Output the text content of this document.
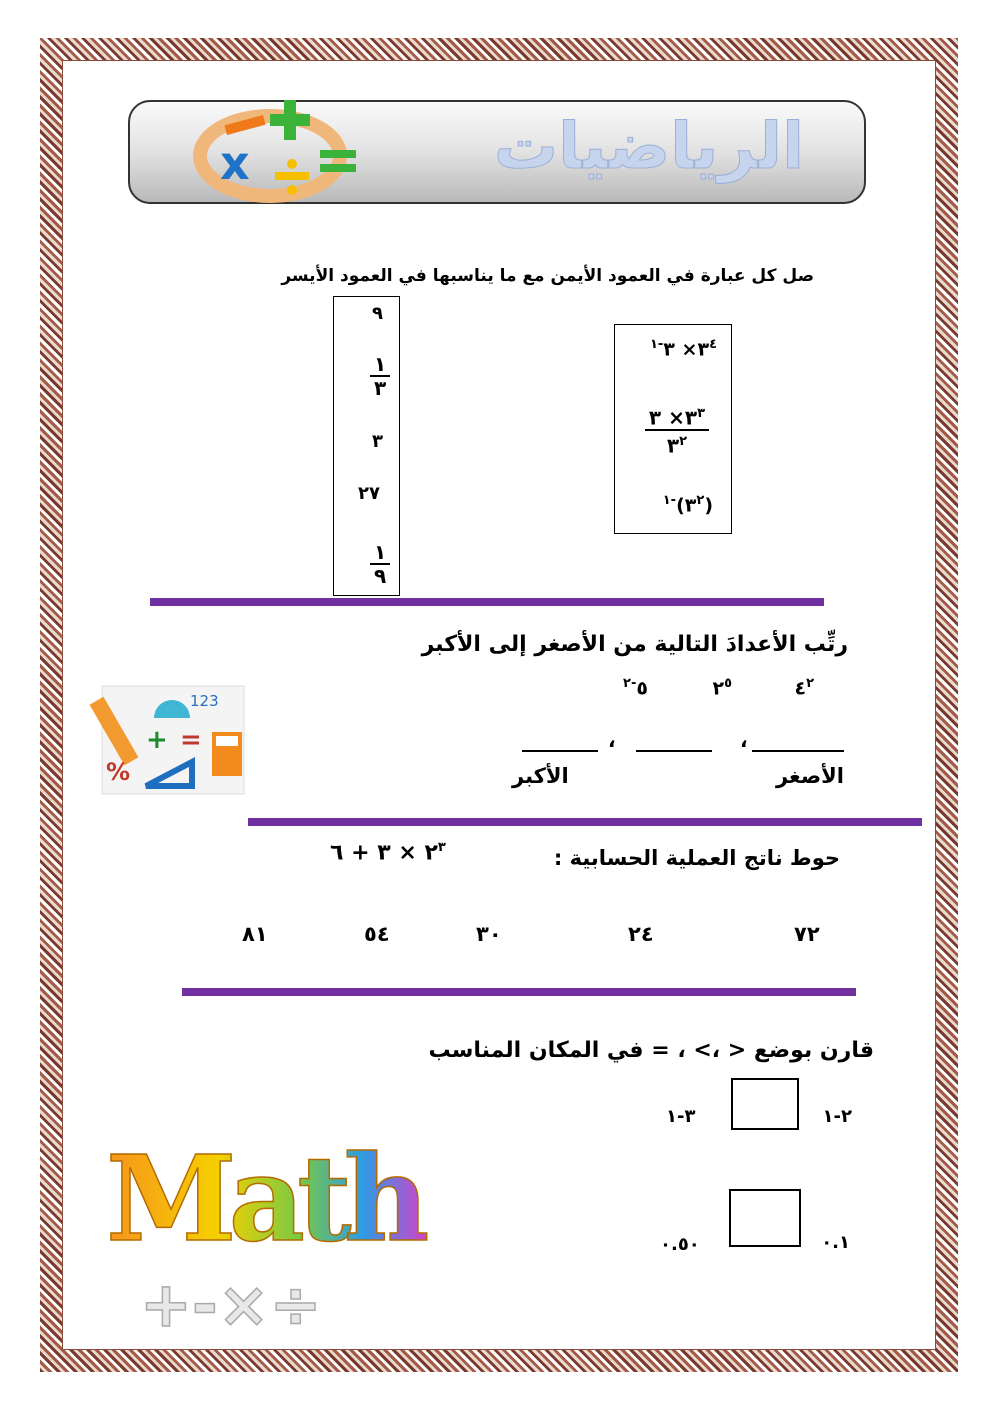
x	الرياضيات
صل كل عبارة في العمود الأيمن مع ما يناسبها في العمود الأيسر
٩
$\frac{١}{٣}$
٣
٢٧
$\frac{١}{٩}$
$٣^٤\times$ $٣^{-١}$
$\frac{٣^٣\times ٣}{٣^٢}$
$(٣^٢)^{-١}$
رتِّب الأعدادَ التالية من الأصغر إلى الأكبر
$٤^٢$
$٢^٥$
$٥^{-٢}$
،
،
الأصغر
الأكبر
123
+ =
%
حوط ناتج العملية الحسابية :
$٢^٣$ × ٣ + ٦
٧٢
٢٤
٣٠
٥٤
٨١
قارن بوضع < ،> ، = في المكان المناسب
٢-١
٣-١
٠.١
٠.٥٠
Math
+-×÷
